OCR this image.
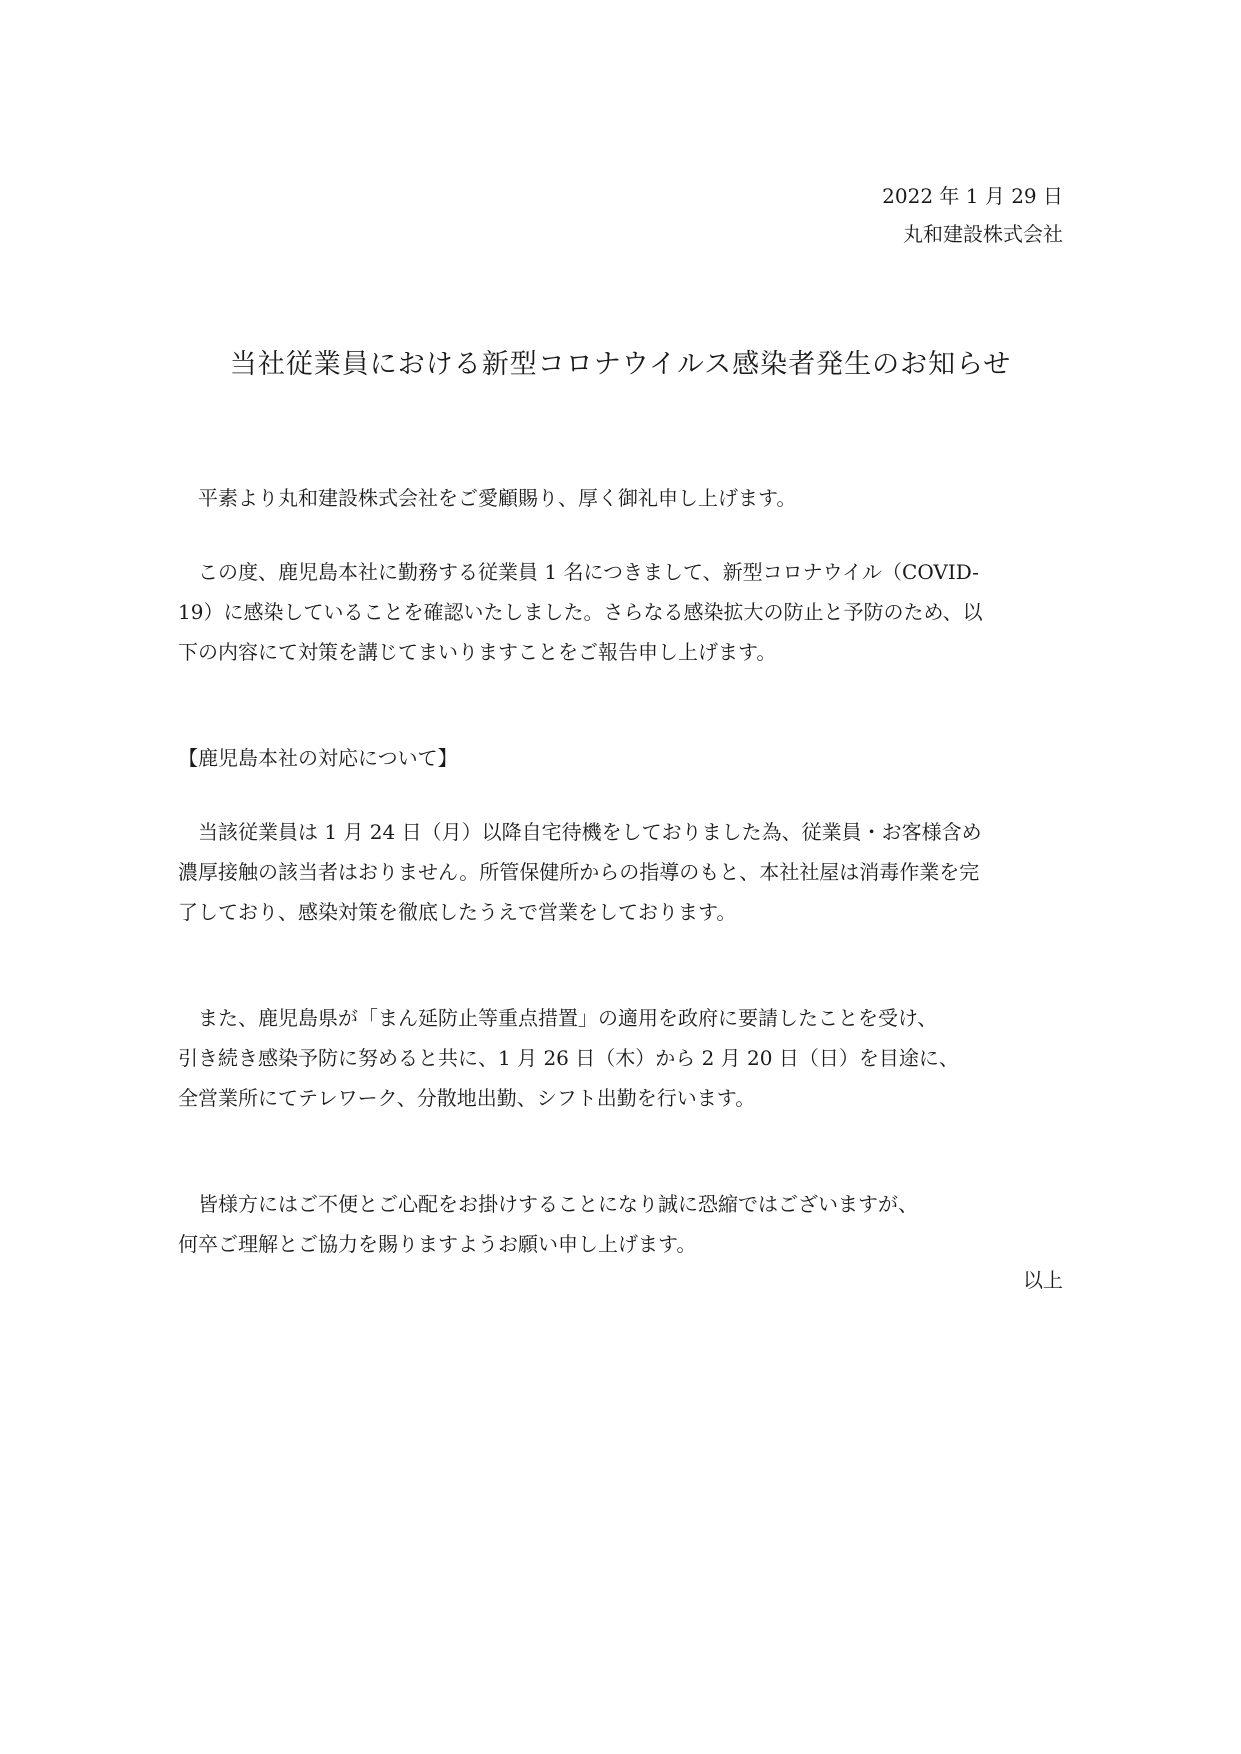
2022 年 1 月 29 日
丸和建設株式会社
当社従業員における新型コロナウイルス感染者発生のお知らせ
　平素より丸和建設株式会社をご愛顧賜り、厚く御礼申し上げます。
　この度、鹿児島本社に勤務する従業員 1 名につきまして、新型コロナウイル（COVID-
19）に感染していることを確認いたしました。さらなる感染拡大の防止と予防のため、以
下の内容にて対策を講じてまいりますことをご報告申し上げます。
【鹿児島本社の対応について】
　当該従業員は 1 月 24 日（月）以降自宅待機をしておりました為、従業員・お客様含め
濃厚接触の該当者はおりません。所管保健所からの指導のもと、本社社屋は消毒作業を完
了しており、感染対策を徹底したうえで営業をしております。
　また、鹿児島県が「まん延防止等重点措置」の適用を政府に要請したことを受け、
引き続き感染予防に努めると共に、1 月 26 日（木）から 2 月 20 日（日）を目途に、
全営業所にてテレワーク、分散地出勤、シフト出勤を行います。
　皆様方にはご不便とご心配をお掛けすることになり誠に恐縮ではございますが、
何卒ご理解とご協力を賜りますようお願い申し上げます。
以上
